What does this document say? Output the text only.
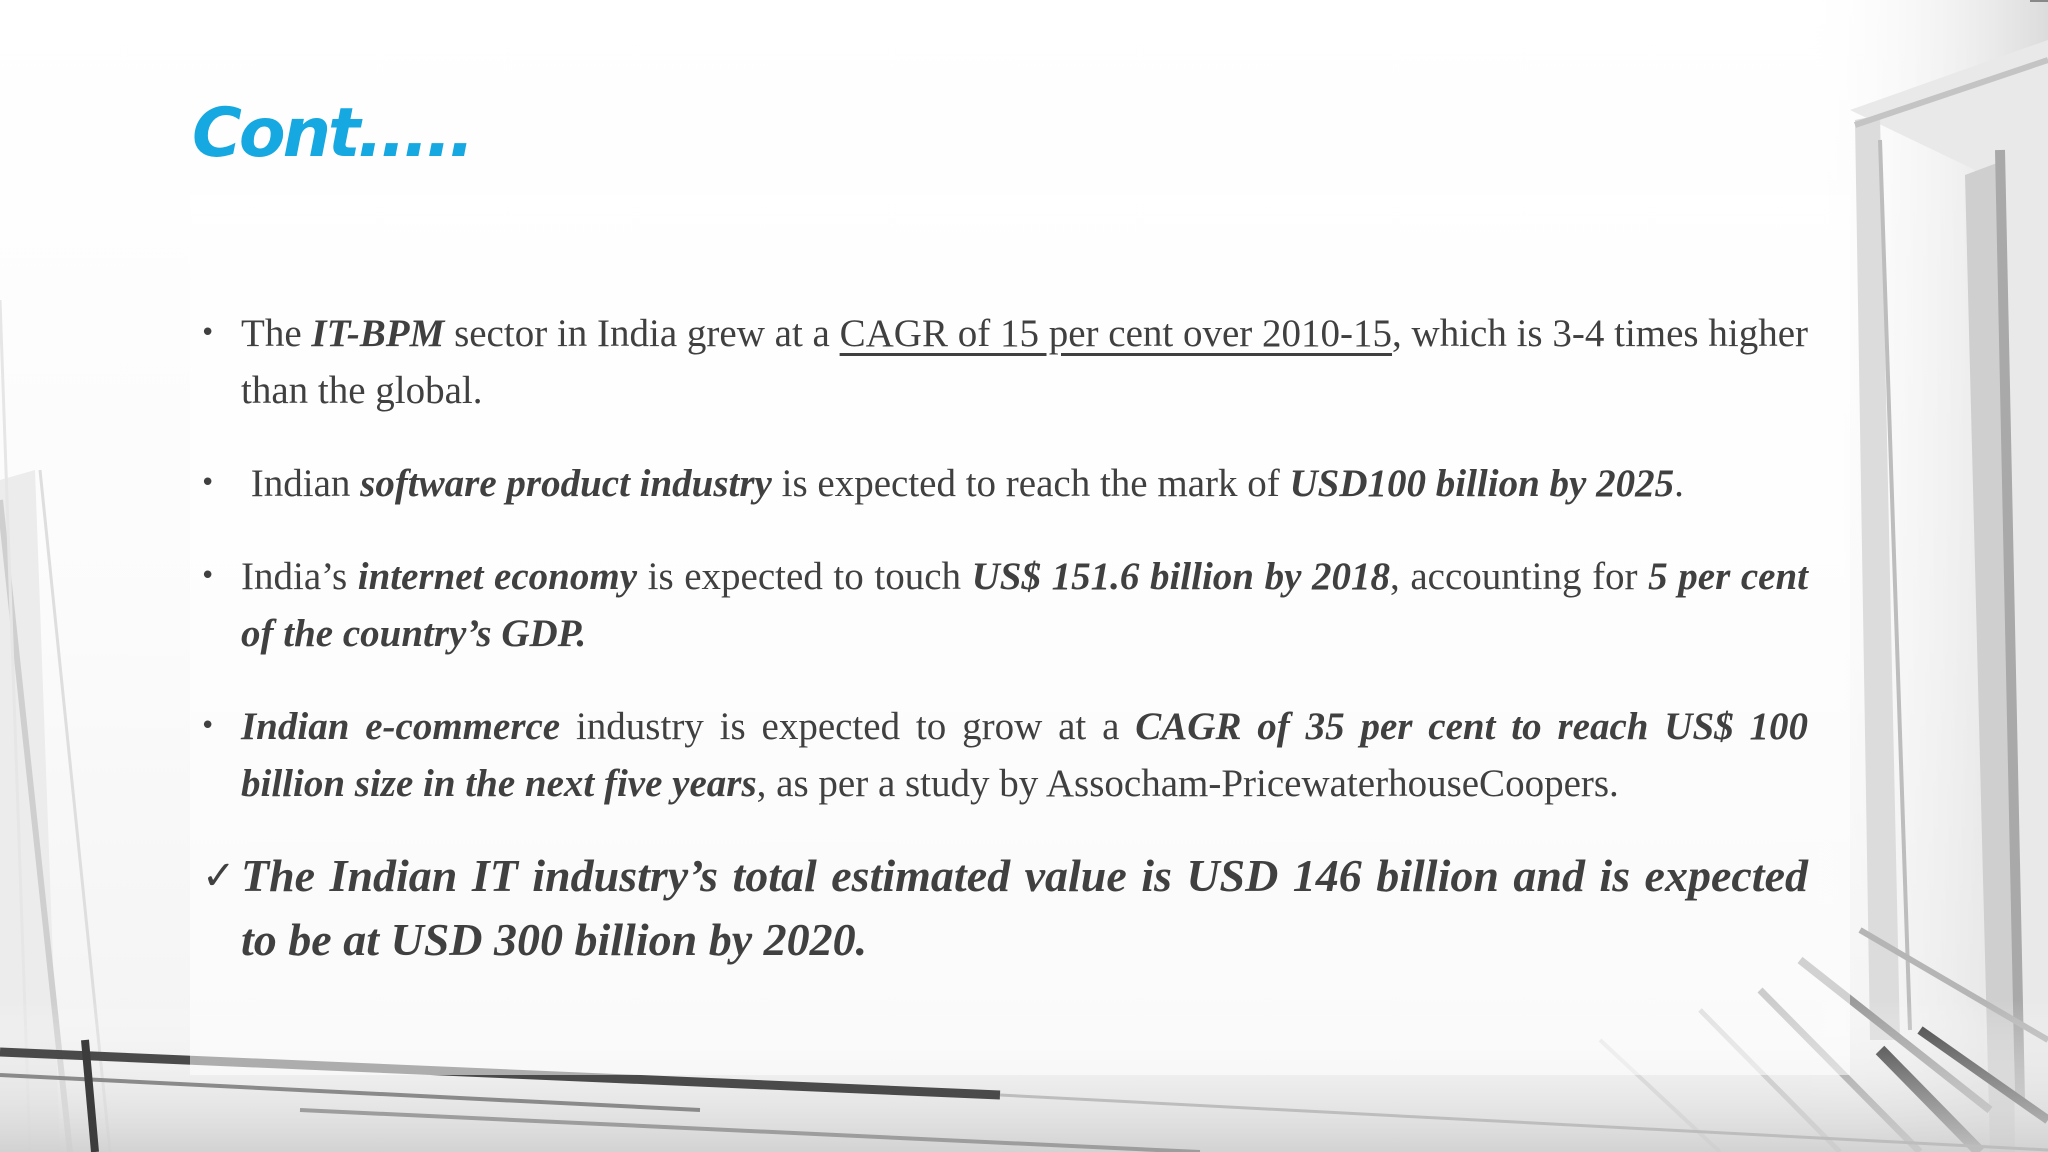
Cont.....
• The IT-BPM sector in India grew at a CAGR of 15 per cent over 2010-15, which is 3-4 times higher than the global.
• Indian software product industry is expected to reach the mark of USD100 billion by 2025.
• India’s internet economy is expected to touch US$ 151.6 billion by 2018, accounting for 5 per cent of the country’s GDP.
• Indian e-commerce industry is expected to grow at a CAGR of 35 per cent to reach US$ 100 billion size in the next five years, as per a study by Assocham-PricewaterhouseCoopers.
✓ The Indian IT industry’s total estimated value is USD 146 billion and is expected to be at USD 300 billion by 2020.
